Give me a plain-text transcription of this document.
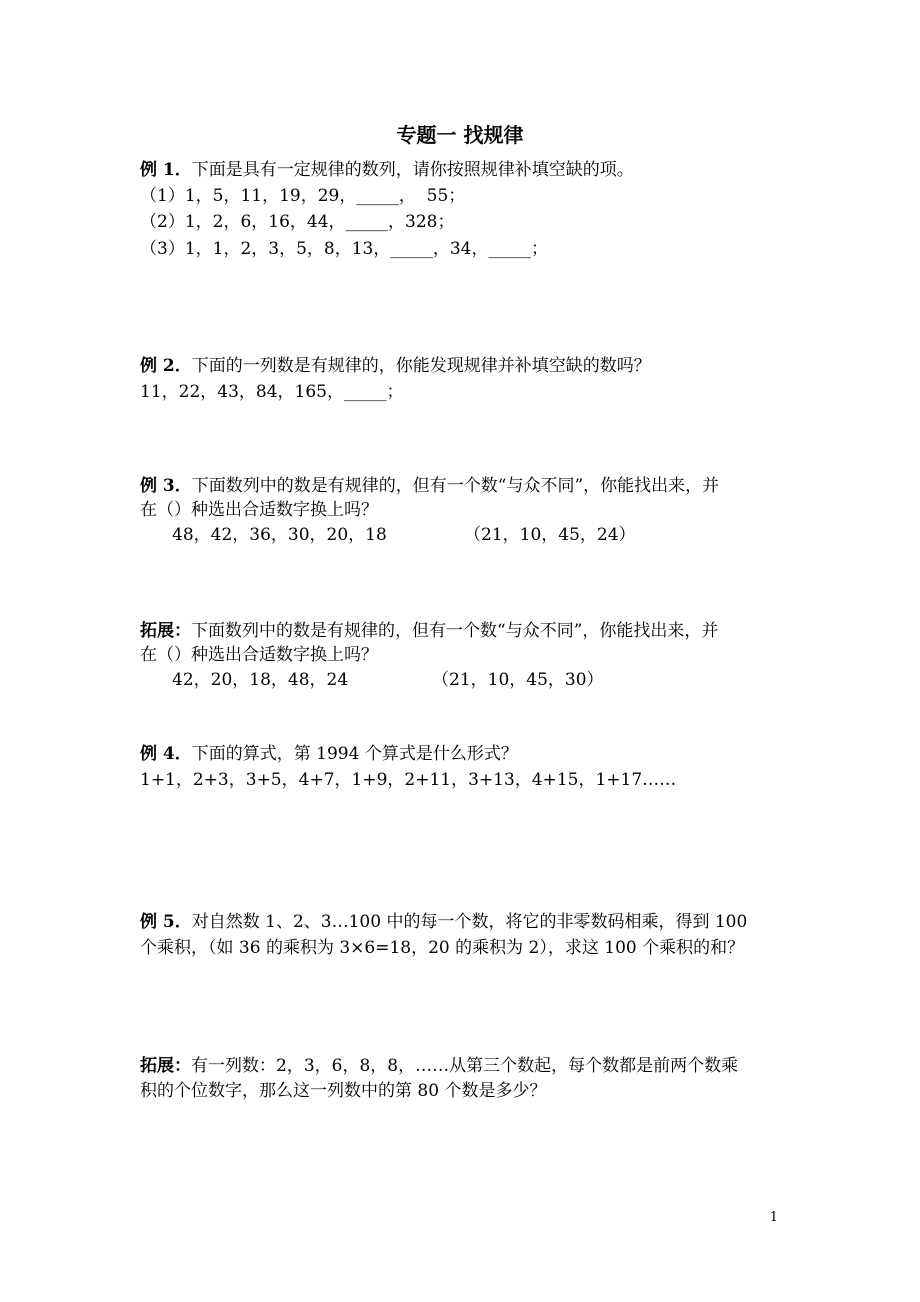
专题一 找规律
例 1．下面是具有一定规律的数列，请你按照规律补填空缺的项。
（1）1，5，11，19，29，_____，  55；
（2）1，2，6，16，44，_____，328；
（3）1，1，2，3，5，8，13，_____，34，_____；
例 2．下面的一列数是有规律的，你能发现规律并补填空缺的数吗？
11，22，43，84，165，_____；
例 3．下面数列中的数是有规律的，但有一个数“与众不同”，你能找出来，并
在（）种选出合适数字换上吗？
48，42，36，30，20，18	（21，10，45，24）
拓展：下面数列中的数是有规律的，但有一个数“与众不同”，你能找出来，并
在（）种选出合适数字换上吗？
42，20，18，48，24	（21，10，45，30）
例 4．下面的算式，第 1994 个算式是什么形式？
1+1，2+3，3+5，4+7，1+9，2+11，3+13，4+15，1+17……
例 5．对自然数 1、2、3…100 中的每一个数，将它的非零数码相乘，得到 100
个乘积，（如 36 的乘积为 3×6=18，20 的乘积为 2），求这 100 个乘积的和？
拓展：有一列数：2，3，6，8，8，……从第三个数起，每个数都是前两个数乘
积的个位数字，那么这一列数中的第 80 个数是多少？
1
